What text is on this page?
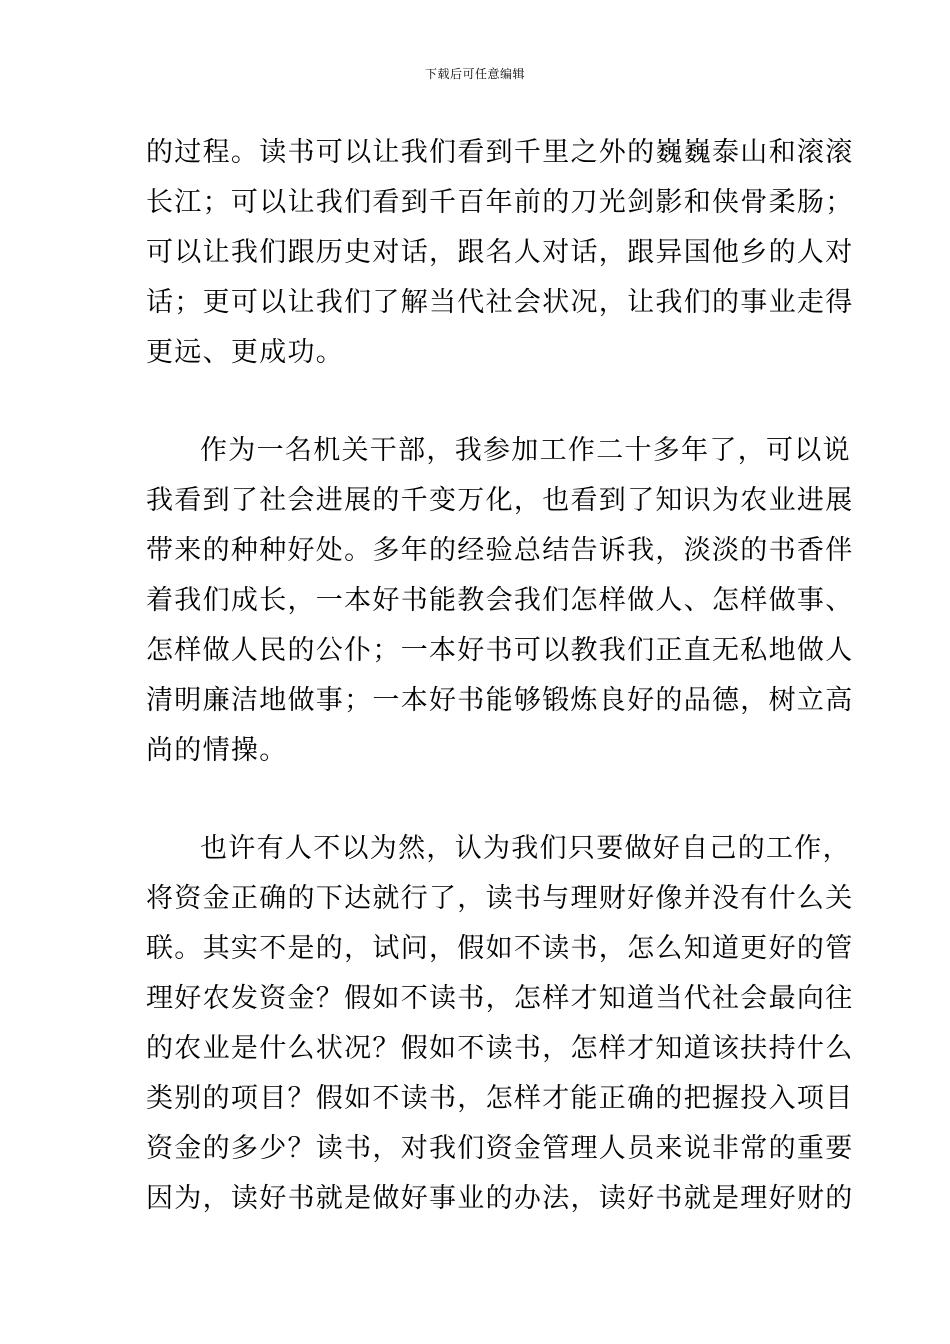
下载后可任意编辑
的过程。读书可以让我们看到千里之外的巍巍泰山和滚滚
长江；可以让我们看到千百年前的刀光剑影和侠骨柔肠；
可以让我们跟历史对话，跟名人对话，跟异国他乡的人对
话；更可以让我们了解当代社会状况，让我们的事业走得
更远、更成功。
作为一名机关干部，我参加工作二十多年了，可以说
我看到了社会进展的千变万化，也看到了知识为农业进展
带来的种种好处。多年的经验总结告诉我，淡淡的书香伴
着我们成长，一本好书能教会我们怎样做人、怎样做事、
怎样做人民的公仆；一本好书可以教我们正直无私地做人
清明廉洁地做事；一本好书能够锻炼良好的品德，树立高
尚的情操。
也许有人不以为然，认为我们只要做好自己的工作，
将资金正确的下达就行了，读书与理财好像并没有什么关
联。其实不是的，试问，假如不读书，怎么知道更好的管
理好农发资金？假如不读书，怎样才知道当代社会最向往
的农业是什么状况？假如不读书，怎样才知道该扶持什么
类别的项目？假如不读书，怎样才能正确的把握投入项目
资金的多少？读书，对我们资金管理人员来说非常的重要
因为，读好书就是做好事业的办法，读好书就是理好财的
